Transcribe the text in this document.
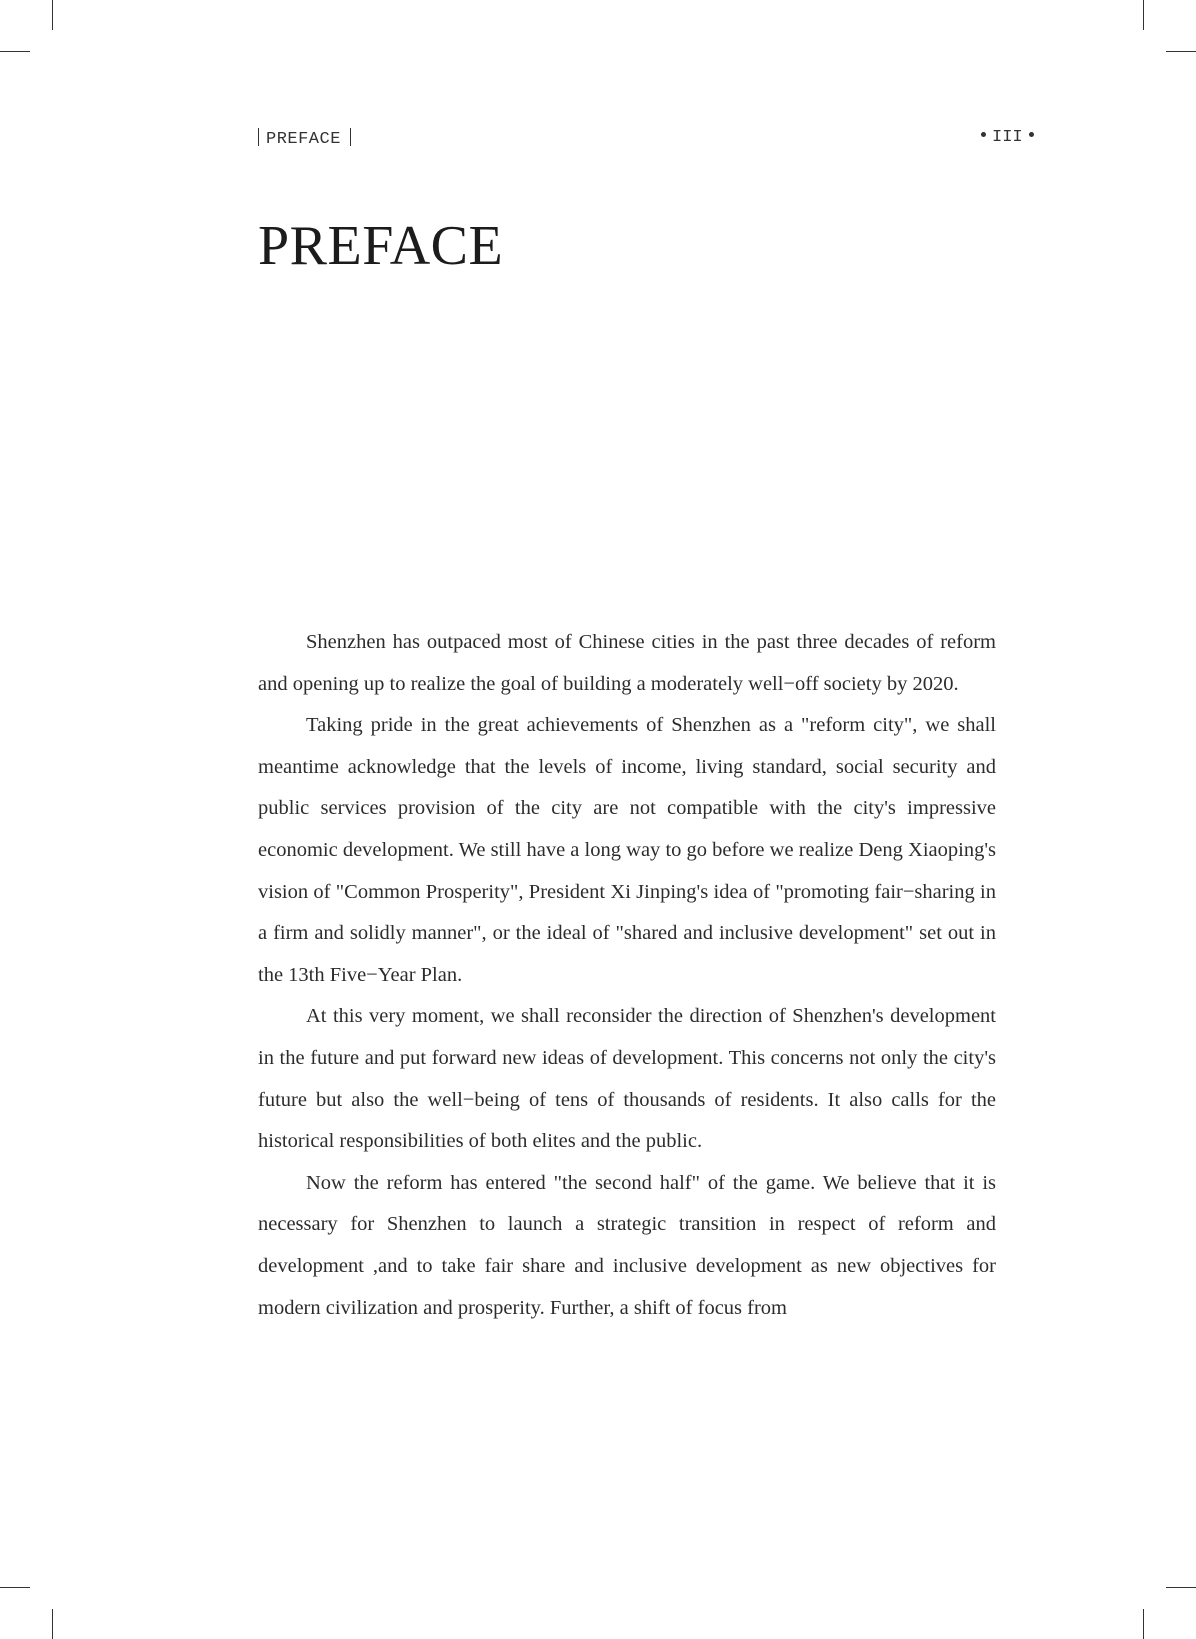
PREFACE	III
PREFACE

Shenzhen has outpaced most of Chinese cities in the past three decades of reform and opening up to realize the goal of building a moderately well−off society by 2020.

Taking pride in the great achievements of Shenzhen as a "reform city", we shall meantime acknowledge that the levels of income, living standard, social security and public services provision of the city are not compatible with the city's impressive economic development. We still have a long way to go before we realize Deng Xiaoping's vision of "Common Prosperity", President Xi Jinping's idea of "promoting fair−sharing in a firm and solidly manner", or the ideal of "shared and inclusive development" set out in the 13th Five−Year Plan.

At this very moment, we shall reconsider the direction of Shenzhen's development in the future and put forward new ideas of development. This concerns not only the city's future but also the well−being of tens of thousands of residents. It also calls for the historical responsibilities of both elites and the public.

Now the reform has entered "the second half" of the game. We believe that it is necessary for Shenzhen to launch a strategic transition in respect of reform and development ,and to take fair share and inclusive development as new objectives for modern civilization and prosperity. Further, a shift of focus from
